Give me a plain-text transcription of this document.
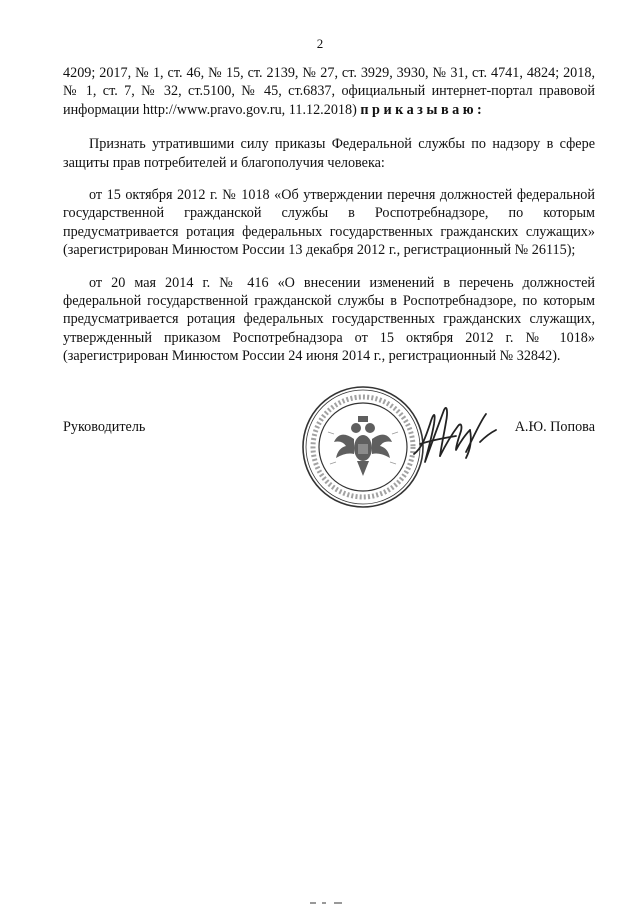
2

4209; 2017, № 1, ст. 46, № 15, ст. 2139, № 27, ст. 3929, 3930, № 31, ст. 4741, 4824; 2018, № 1, ст. 7, № 32, ст.5100, № 45, ст.6837, официальный интернет-портал правовой информации http://www.pravo.gov.ru, 11.12.2018) приказываю:

Признать утратившими силу приказы Федеральной службы по надзору в сфере защиты прав потребителей и благополучия человека:

от 15 октября 2012 г. № 1018 «Об утверждении перечня должностей федеральной государственной гражданской службы в Роспотребнадзоре, по которым предусматривается ротация федеральных государственных гражданских служащих» (зарегистрирован Минюстом России 13 декабря 2012 г., регистрационный № 26115);

от 20 мая 2014 г. № 416 «О внесении изменений в перечень должностей федеральной государственной гражданской службы в Роспотребнадзоре, по которым предусматривается ротация федеральных государственных гражданских служащих, утвержденный приказом Роспотребнадзора от 15 октября 2012 г. № 1018» (зарегистрирован Минюстом России 24 июня 2014 г., регистрационный № 32842).

Руководитель	А.Ю. Попова
